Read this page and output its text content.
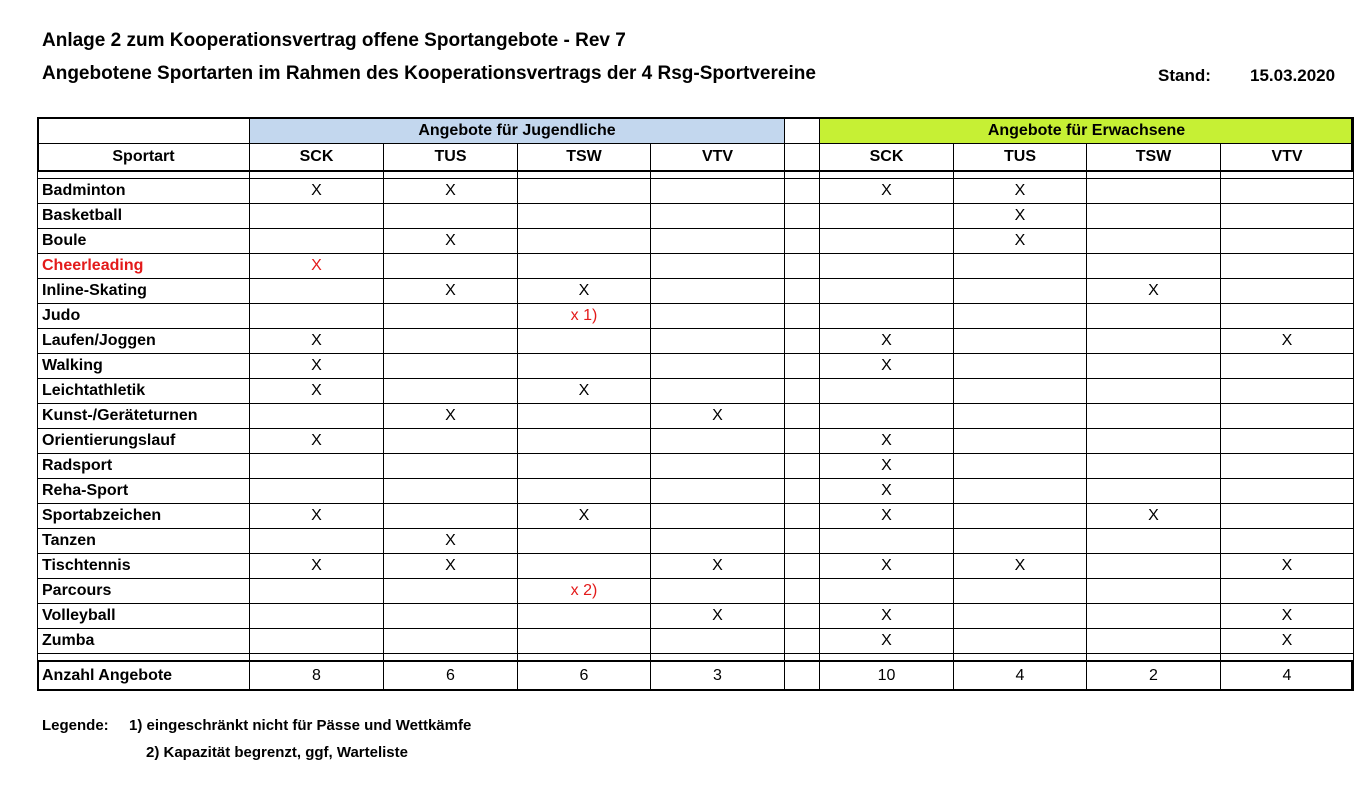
Anlage 2 zum Kooperationsvertrag offene Sportangebote - Rev 7
Angebotene Sportarten im Rahmen des Kooperationsvertrags der 4 Rsg-Sportvereine	Stand: 15.03.2020
	Angebote für Jugendliche					Angebote für Erwachsene			
Sportart	SCK	TUS	TSW	VTV		SCK	TUS	TSW	VTV

Badminton	X	X				X	X		
Basketball							X		
Boule		X					X		
Cheerleading	X								
Inline-Skating		X	X					X	
Judo			x 1)						
Laufen/Joggen	X					X			X
Walking	X					X			
Leichtathletik	X		X						
Kunst-/Geräteturnen		X		X					
Orientierungslauf	X					X			
Radsport						X			
Reha-Sport						X			
Sportabzeichen	X		X			X		X	
Tanzen		X							
Tischtennis	X	X		X		X	X		X
Parcours			x 2)						
Volleyball				X		X			X
Zumba						X			X

Anzahl Angebote	8	6	6	3		10	4	2	4
Legende: 1) eingeschränkt nicht für Pässe und Wettkämfe
2) Kapazität begrenzt, ggf, Warteliste
